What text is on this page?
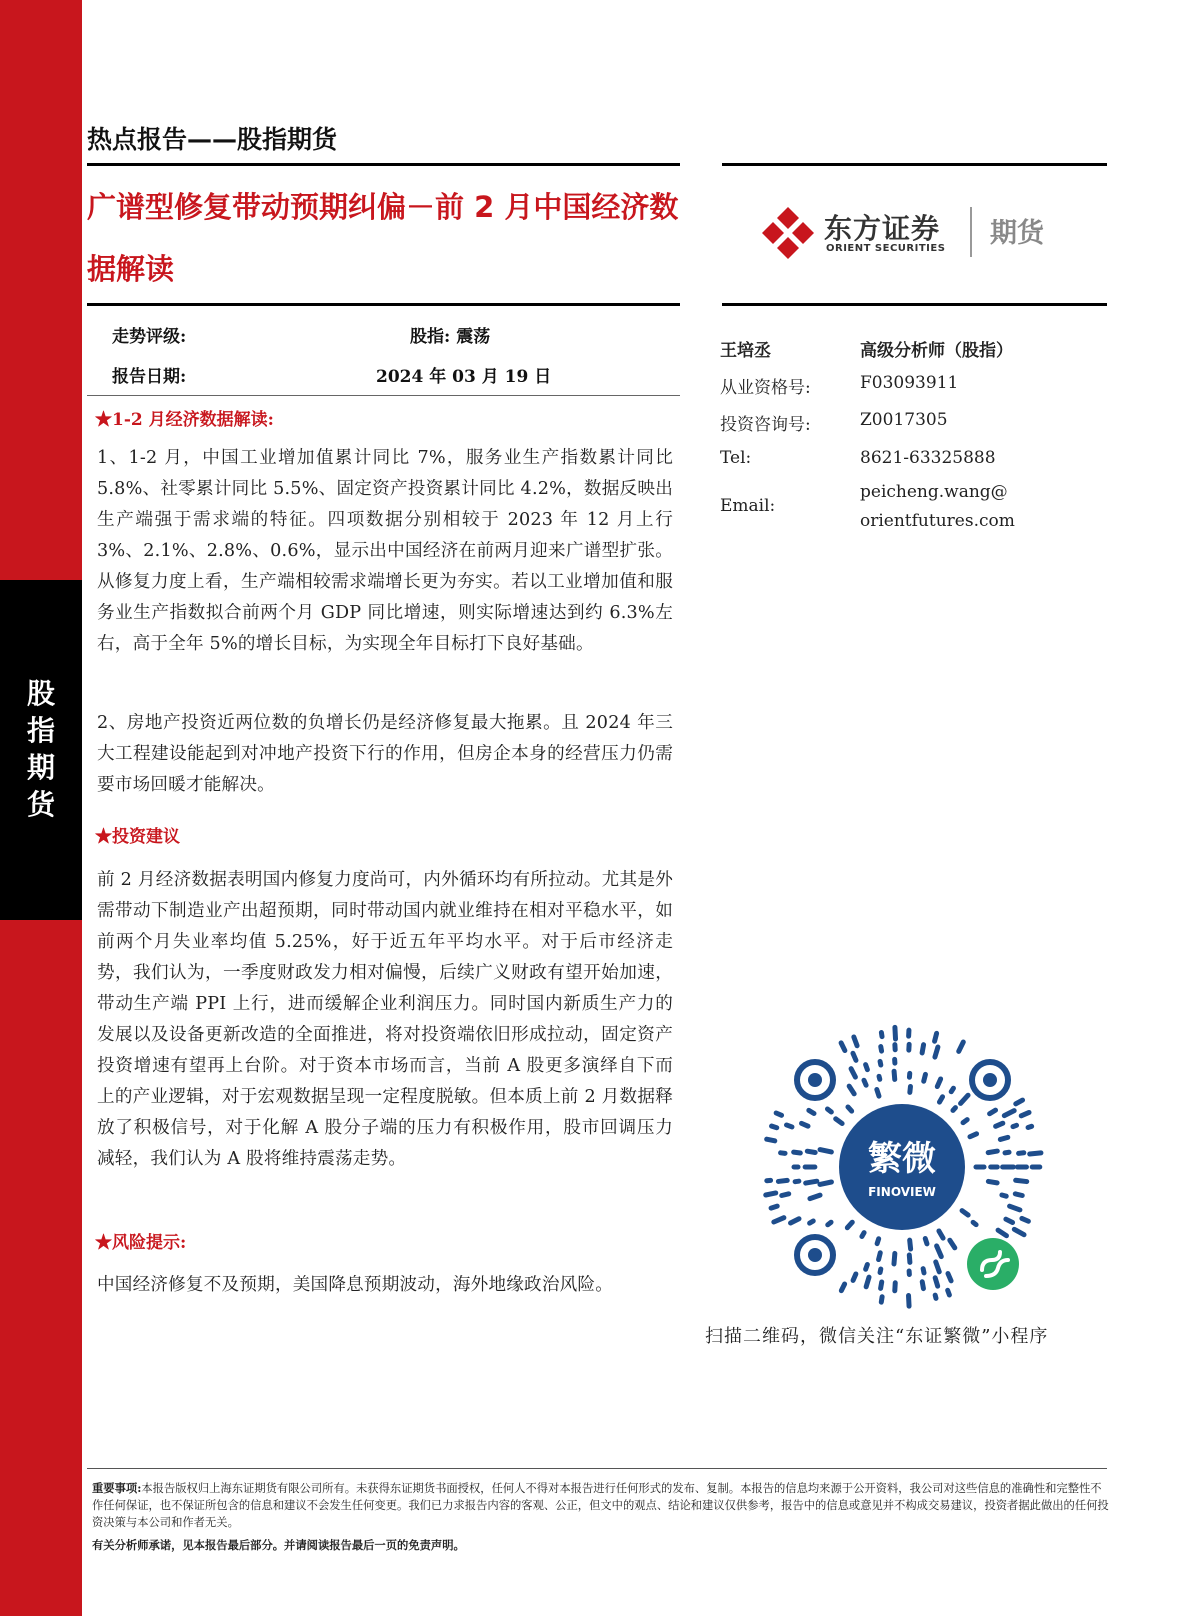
股
指
期
货
热点报告——股指期货
广谱型修复带动预期纠偏－前 2 月中国经济数据解读
东方证券
ORIENT SECURITIES 期货
走势评级:	股指: 震荡
报告日期:	2024 年 03 月 19 日
★1-2 月经济数据解读:

1、1-2 月，中国工业增加值累计同比 7%，服务业生产指数累计同比 5.8%、社零累计同比 5.5%、固定资产投资累计同比 4.2%，数据反映出生产端强于需求端的特征。四项数据分别相较于 2023 年 12 月上行 3%、2.1%、2.8%、0.6%，显示出中国经济在前两月迎来广谱型扩张。从修复力度上看，生产端相较需求端增长更为夯实。若以工业增加值和服务业生产指数拟合前两个月 GDP 同比增速，则实际增速达到约 6.3%左右，高于全年 5%的增长目标，为实现全年目标打下良好基础。

2、房地产投资近两位数的负增长仍是经济修复最大拖累。且 2024 年三大工程建设能起到对冲地产投资下行的作用，但房企本身的经营压力仍需要市场回暖才能解决。

★投资建议

前 2 月经济数据表明国内修复力度尚可，内外循环均有所拉动。尤其是外需带动下制造业产出超预期，同时带动国内就业维持在相对平稳水平，如前两个月失业率均值 5.25%，好于近五年平均水平。对于后市经济走势，我们认为，一季度财政发力相对偏慢，后续广义财政有望开始加速，带动生产端 PPI 上行，进而缓解企业利润压力。同时国内新质生产力的发展以及设备更新改造的全面推进，将对投资端依旧形成拉动，固定资产投资增速有望再上台阶。对于资本市场而言，当前 A 股更多演绎自下而上的产业逻辑，对于宏观数据呈现一定程度脱敏。但本质上前 2 月数据释放了积极信号，对于化解 A 股分子端的压力有积极作用，股市回调压力减轻，我们认为 A 股将维持震荡走势。

★风险提示:

中国经济修复不及预期，美国降息预期波动，海外地缘政治风险。

王培丞	高级分析师（股指）
从业资格号:	F03093911
投资咨询号:	Z0017305
Tel:	8621-63325888
Email:
peicheng.wang@
orientfutures.com
繁微
FINOVIEW
扫描二维码，微信关注“东证繁微”小程序

重要事项:本报告版权归上海东证期货有限公司所有。未获得东证期货书面授权，任何人不得对本报告进行任何形式的发布、复制。本报告的信息均来源于公开资料，我公司对这些信息的准确性和完整性不作任何保证，也不保证所包含的信息和建议不会发生任何变更。我们已力求报告内容的客观、公正，但文中的观点、结论和建议仅供参考，报告中的信息或意见并不构成交易建议，投资者据此做出的任何投资决策与本公司和作者无关。

有关分析师承诺，见本报告最后部分。并请阅读报告最后一页的免责声明。
